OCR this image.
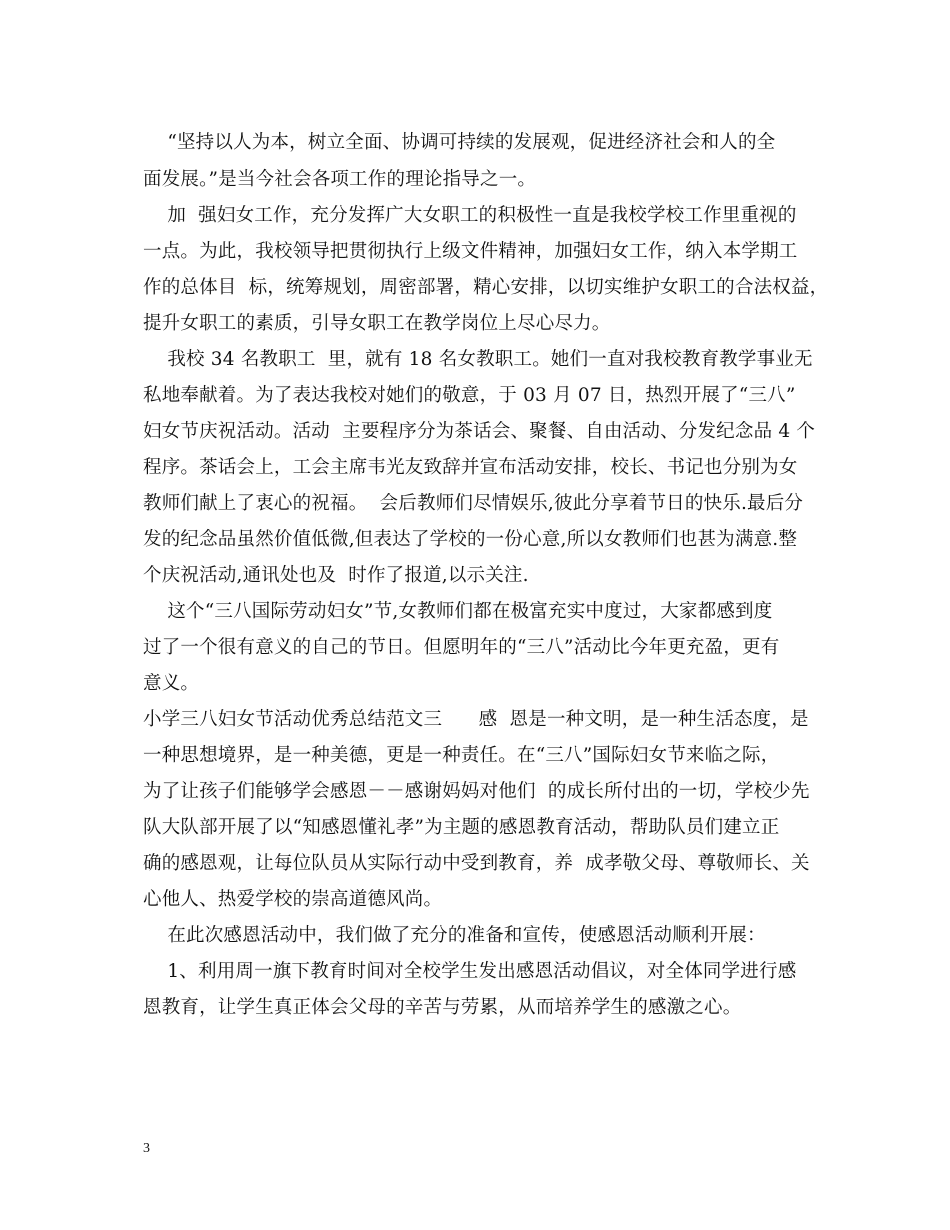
“坚持以人为本，树立全面、协调可持续的发展观，促进经济社会和人的全
面发展。”是当今社会各项工作的理论指导之一。
加  强妇女工作，充分发挥广大女职工的积极性一直是我校学校工作里重视的
一点。为此，我校领导把贯彻执行上级文件精神，加强妇女工作，纳入本学期工
作的总体目  标，统筹规划，周密部署，精心安排，以切实维护女职工的合法权益，
提升女职工的素质，引导女职工在教学岗位上尽心尽力。
我校 34 名教职工  里，就有 18 名女教职工。她们一直对我校教育教学事业无
私地奉献着。为了表达我校对她们的敬意，于 03 月 07 日，热烈开展了“三八”
妇女节庆祝活动。活动  主要程序分为茶话会、聚餐、自由活动、分发纪念品 4 个
程序。茶话会上，工会主席韦光友致辞并宣布活动安排，校长、书记也分别为女
教师们献上了衷心的祝福。  会后教师们尽情娱乐,彼此分享着节日的快乐.最后分
发的纪念品虽然价值低微,但表达了学校的一份心意,所以女教师们也甚为满意.整
个庆祝活动,通讯处也及  时作了报道,以示关注.
这个“三八国际劳动妇女”节,女教师们都在极富充实中度过，大家都感到度
过了一个很有意义的自己的节日。但愿明年的“三八”活动比今年更充盈，更有
意义。
小学三八妇女节活动优秀总结范文三      感  恩是一种文明，是一种生活态度，是
一种思想境界，是一种美德，更是一种责任。在“三八”国际妇女节来临之际，
为了让孩子们能够学会感恩－－感谢妈妈对他们  的成长所付出的一切，学校少先
队大队部开展了以“知感恩懂礼孝”为主题的感恩教育活动，帮助队员们建立正
确的感恩观，让每位队员从实际行动中受到教育，养  成孝敬父母、尊敬师长、关
心他人、热爱学校的崇高道德风尚。
在此次感恩活动中，我们做了充分的准备和宣传，使感恩活动顺利开展：
1、利用周一旗下教育时间对全校学生发出感恩活动倡议，对全体同学进行感
恩教育，让学生真正体会父母的辛苦与劳累，从而培养学生的感激之心。
3
